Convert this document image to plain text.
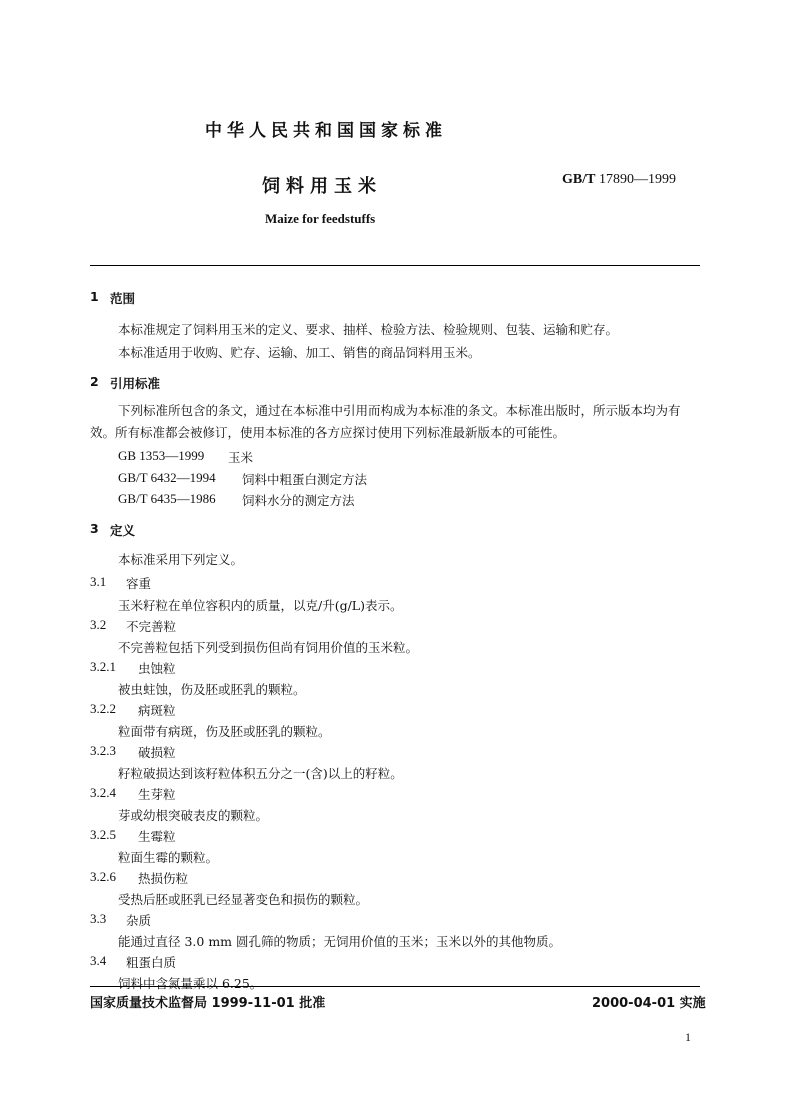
中华人民共和国国家标准
饲料用玉米	GB/T 17890—1999
Maize for feedstuffs
1 范围
本标准规定了饲料用玉米的定义、要求、抽样、检验方法、检验规则、包装、运输和贮存。
本标准适用于收购、贮存、运输、加工、销售的商品饲料用玉米。
2 引用标准
下列标准所包含的条文，通过在本标准中引用而构成为本标准的条文。本标准出版时，所示版本均为有效。所有标准都会被修订，使用本标准的各方应探讨使用下列标准最新版本的可能性。
GB 1353—1999 玉米
GB/T 6432—1994 饲料中粗蛋白测定方法
GB/T 6435—1986 饲料水分的测定方法
3 定义
本标准采用下列定义。
3.1 容重
玉米籽粒在单位容积内的质量，以克/升(g/L)表示。
3.2 不完善粒
不完善粒包括下列受到损伤但尚有饲用价值的玉米粒。
3.2.1 虫蚀粒
被虫蛀蚀，伤及胚或胚乳的颗粒。
3.2.2 病斑粒
粒面带有病斑，伤及胚或胚乳的颗粒。
3.2.3 破损粒
籽粒破损达到该籽粒体积五分之一(含)以上的籽粒。
3.2.4 生芽粒
芽或幼根突破表皮的颗粒。
3.2.5 生霉粒
粒面生霉的颗粒。
3.2.6 热损伤粒
受热后胚或胚乳已经显著变色和损伤的颗粒。
3.3 杂质
能通过直径 3.0 mm 圆孔筛的物质；无饲用价值的玉米；玉米以外的其他物质。
3.4 粗蛋白质
饲料中含氮量乘以 6.25。
国家质量技术监督局 1999-11-01 批准	2000-04-01 实施
1
